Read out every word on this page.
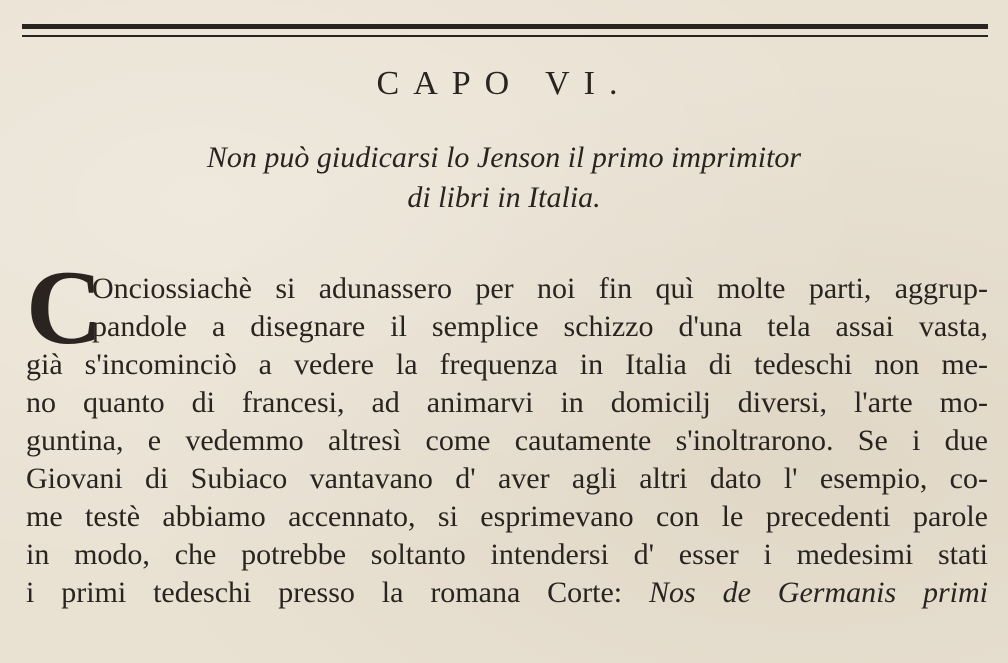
CAPO VI.
Non può giudicarsi lo Jenson il primo imprimitor
di libri in Italia.
C
Onciossiachè si adunassero per noi fin quì molte parti, aggrup-
pandole a disegnare il semplice schizzo d'una tela assai vasta,
già s'incominciò a vedere la frequenza in Italia di tedeschi non me-
no quanto di francesi, ad animarvi in domicilj diversi, l'arte mo-
guntina, e vedemmo altresì come cautamente s'inoltrarono. Se i due
Giovani di Subiaco vantavano d' aver agli altri dato l' esempio, co-
me testè abbiamo accennato, si esprimevano con le precedenti parole
in modo, che potrebbe soltanto intendersi d' esser i medesimi stati
i primi tedeschi presso la romana Corte: Nos de Germanis primi
